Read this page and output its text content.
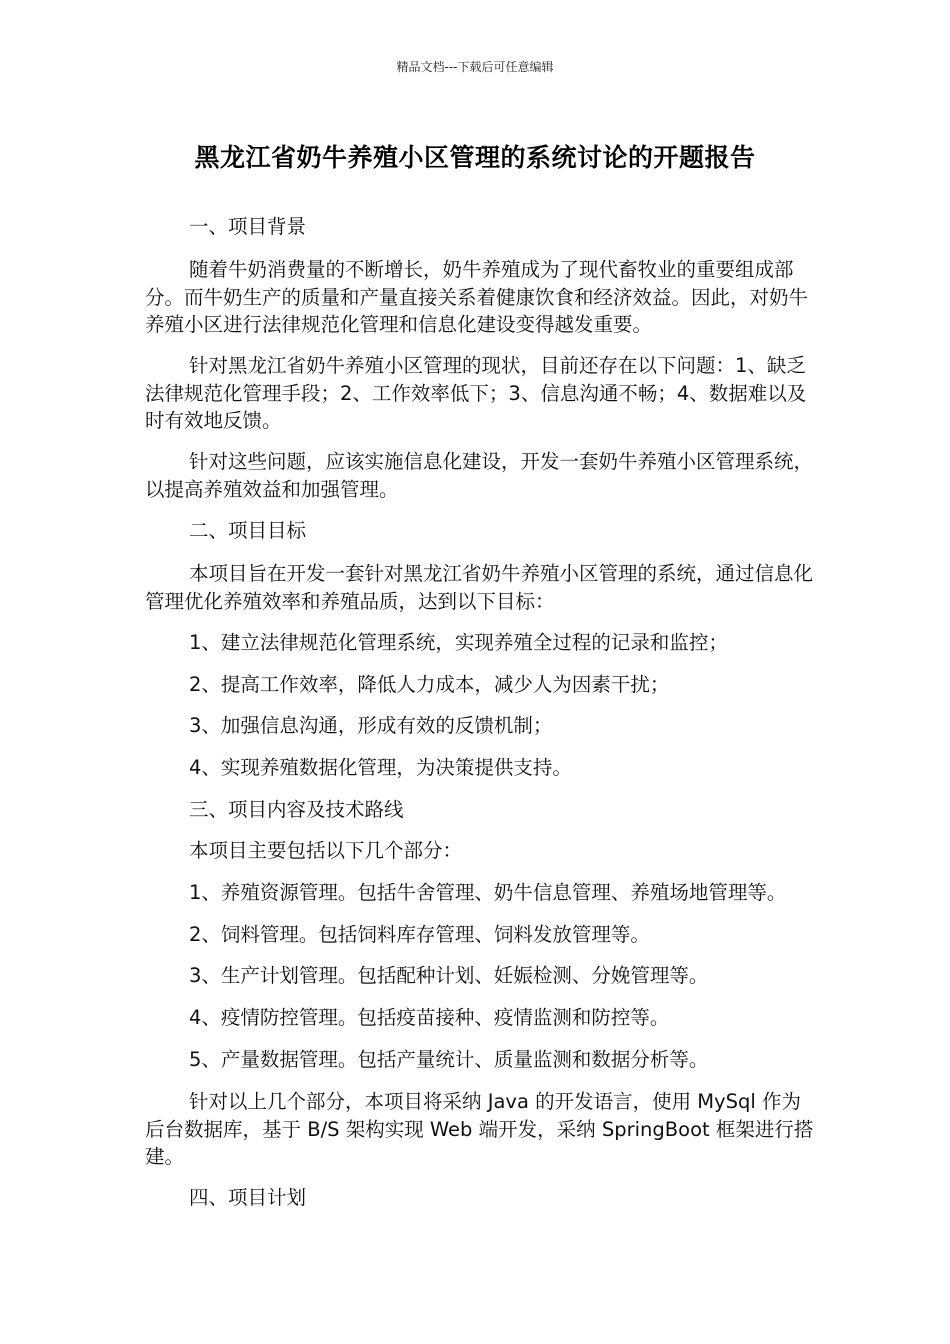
精品文档---下载后可任意编辑
黑龙江省奶牛养殖小区管理的系统讨论的开题报告
一、项目背景
随着牛奶消费量的不断增长，奶牛养殖成为了现代畜牧业的重要组成部分。而牛奶生产的质量和产量直接关系着健康饮食和经济效益。因此，对奶牛养殖小区进行法律规范化管理和信息化建设变得越发重要。
针对黑龙江省奶牛养殖小区管理的现状，目前还存在以下问题：1、缺乏法律规范化管理手段；2、工作效率低下；3、信息沟通不畅；4、数据难以及时有效地反馈。
针对这些问题，应该实施信息化建设，开发一套奶牛养殖小区管理系统，以提高养殖效益和加强管理。
二、项目目标
本项目旨在开发一套针对黑龙江省奶牛养殖小区管理的系统，通过信息化管理优化养殖效率和养殖品质，达到以下目标：
1、建立法律规范化管理系统，实现养殖全过程的记录和监控；
2、提高工作效率，降低人力成本，减少人为因素干扰；
3、加强信息沟通，形成有效的反馈机制；
4、实现养殖数据化管理，为决策提供支持。
三、项目内容及技术路线
本项目主要包括以下几个部分：
1、养殖资源管理。包括牛舍管理、奶牛信息管理、养殖场地管理等。
2、饲料管理。包括饲料库存管理、饲料发放管理等。
3、生产计划管理。包括配种计划、妊娠检测、分娩管理等。
4、疫情防控管理。包括疫苗接种、疫情监测和防控等。
5、产量数据管理。包括产量统计、质量监测和数据分析等。
针对以上几个部分，本项目将采纳 Java 的开发语言，使用 MySql 作为后台数据库，基于 B/S 架构实现 Web 端开发，采纳 SpringBoot 框架进行搭建。
四、项目计划
